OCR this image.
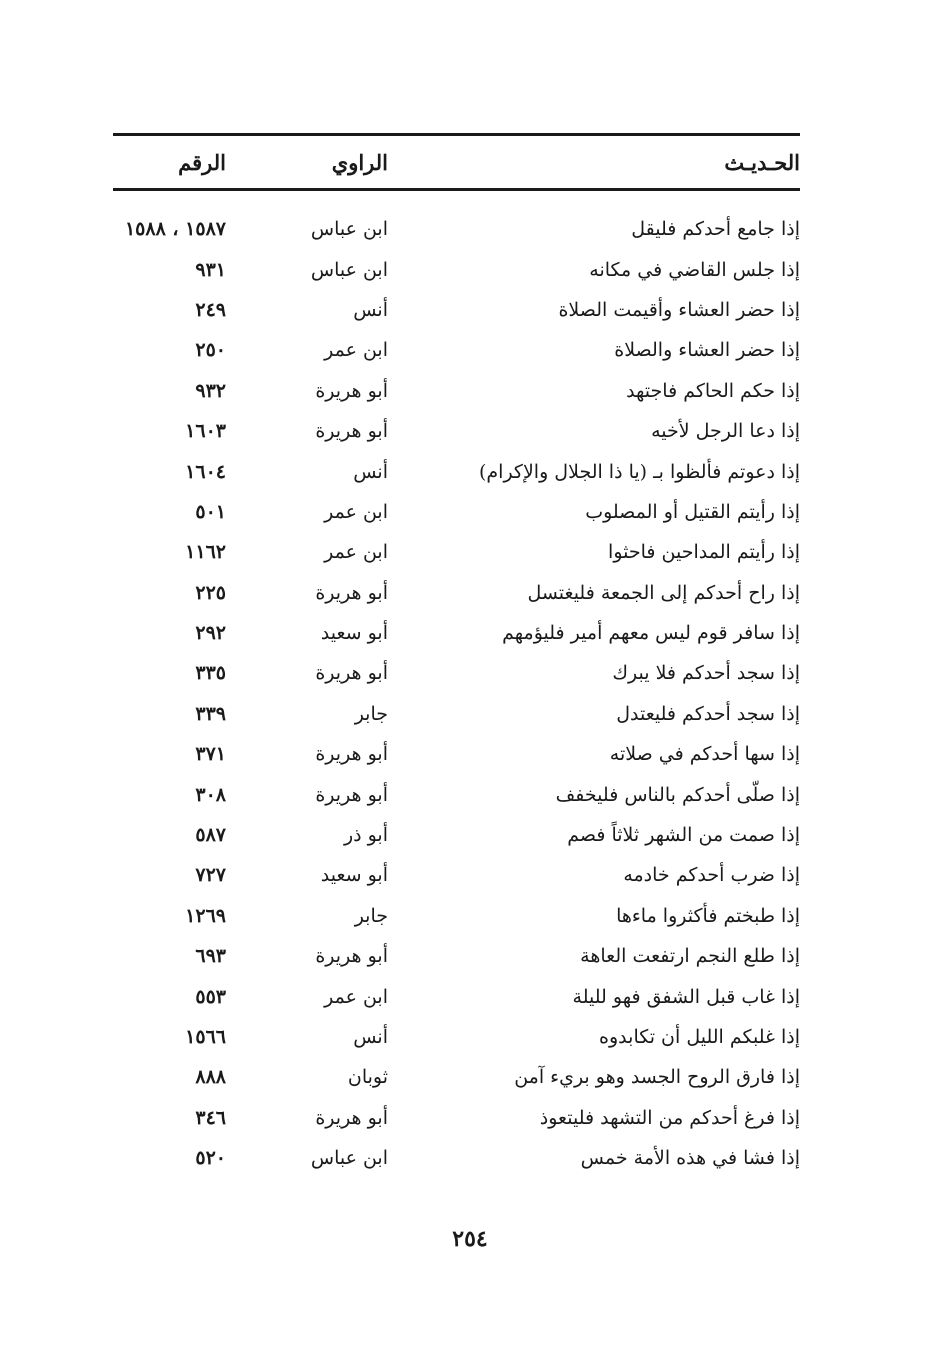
الرقم	الراوي	الحـديـث
١٥٨٧ ، ١٥٨٨	ابن عباس	إذا جامع أحدكم فليقل
٩٣١	ابن عباس	إذا جلس القاضي في مكانه
٢٤٩	أنس	إذا حضر العشاء وأقيمت الصلاة
٢٥٠	ابن عمر	إذا حضر العشاء والصلاة
٩٣٢	أبو هريرة	إذا حكم الحاكم فاجتهد
١٦٠٣	أبو هريرة	إذا دعا الرجل لأخيه
١٦٠٤	أنس	إذا دعوتم فألظوا بـ (يا ذا الجلال والإكرام)
٥٠١	ابن عمر	إذا رأيتم القتيل أو المصلوب
١١٦٢	ابن عمر	إذا رأيتم المداحين فاحثوا
٢٢٥	أبو هريرة	إذا راح أحدكم إلى الجمعة فليغتسل
٢٩٢	أبو سعيد	إذا سافر قوم ليس معهم أمير فليؤمهم
٣٣٥	أبو هريرة	إذا سجد أحدكم فلا يبرك
٣٣٩	جابر	إذا سجد أحدكم فليعتدل
٣٧١	أبو هريرة	إذا سها أحدكم في صلاته
٣٠٨	أبو هريرة	إذا صلّى أحدكم بالناس فليخفف
٥٨٧	أبو ذر	إذا صمت من الشهر ثلاثاً فصم
٧٢٧	أبو سعيد	إذا ضرب أحدكم خادمه
١٢٦٩	جابر	إذا طبختم فأكثروا ماءها
٦٩٣	أبو هريرة	إذا طلع النجم ارتفعت العاهة
٥٥٣	ابن عمر	إذا غاب قبل الشفق فهو لليلة
١٥٦٦	أنس	إذا غلبكم الليل أن تكابدوه
٨٨٨	ثوبان	إذا فارق الروح الجسد وهو بريء آمن
٣٤٦	أبو هريرة	إذا فرغ أحدكم من التشهد فليتعوذ
٥٢٠	ابن عباس	إذا فشا في هذه الأمة خمس
٢٥٤
